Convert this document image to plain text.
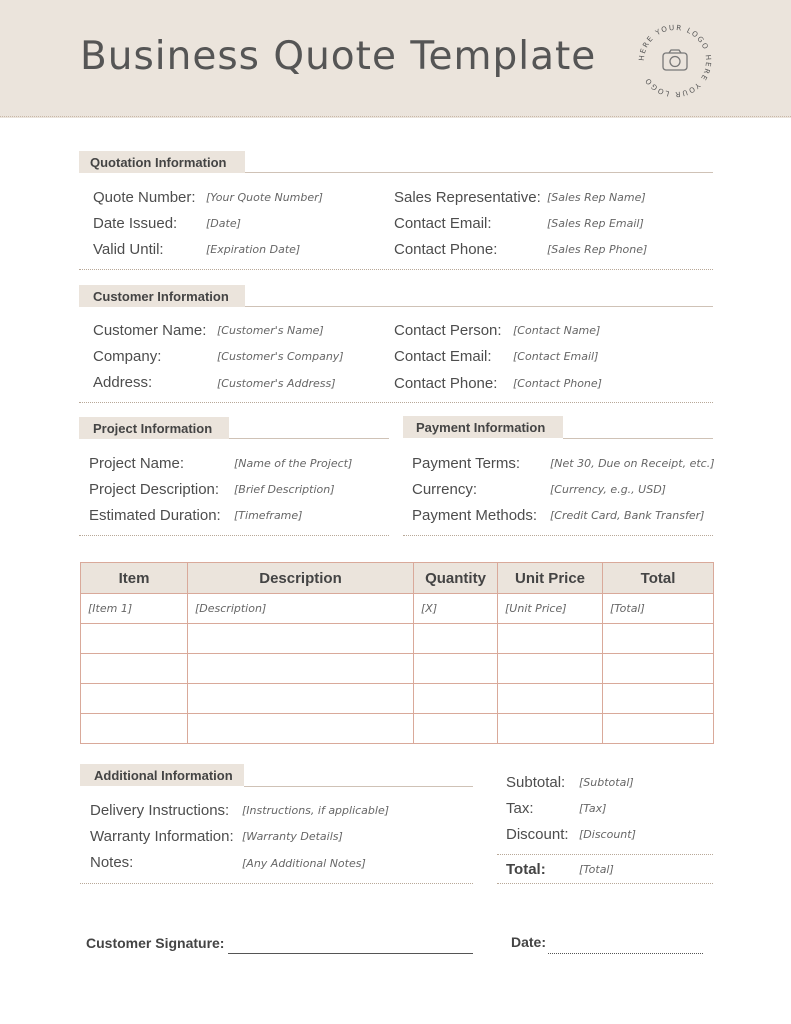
Business Quote Template	HERE YOUR LOGO HERE YOUR LOGO
Quotation Information
Quote Number: [Your Quote Number]
Date Issued:	[Date]
Valid Until:	[Expiration Date]
Sales Representative: [Sales Rep Name]
Contact Email:	[Sales Rep Email]
Contact Phone:	[Sales Rep Phone]
Customer Information
Customer Name: [Customer's Name]
Company:	[Customer's Company]
Address:	[Customer's Address]
Contact Person: [Contact Name]
Contact Email: [Contact Email]
Contact Phone: [Contact Phone]
Project Information
Project Name:	[Name of the Project]
Project Description: [Brief Description]
Estimated Duration: [Timeframe]
Payment Information
Payment Terms:	[Net 30, Due on Receipt, etc.]
Currency:	[Currency, e.g., USD]
Payment Methods: [Credit Card, Bank Transfer]
Item	Description	Quantity	Unit Price	Total
[Item 1]	[Description]	[X]	[Unit Price]	[Total]

Additional Information
Delivery Instructions: [Instructions, if applicable]
Warranty Information: [Warranty Details]
Notes:	[Any Additional Notes]
Subtotal: [Subtotal]
Tax:	[Tax]
Discount: [Discount]
Total:	[Total]
Customer Signature:	Date:
